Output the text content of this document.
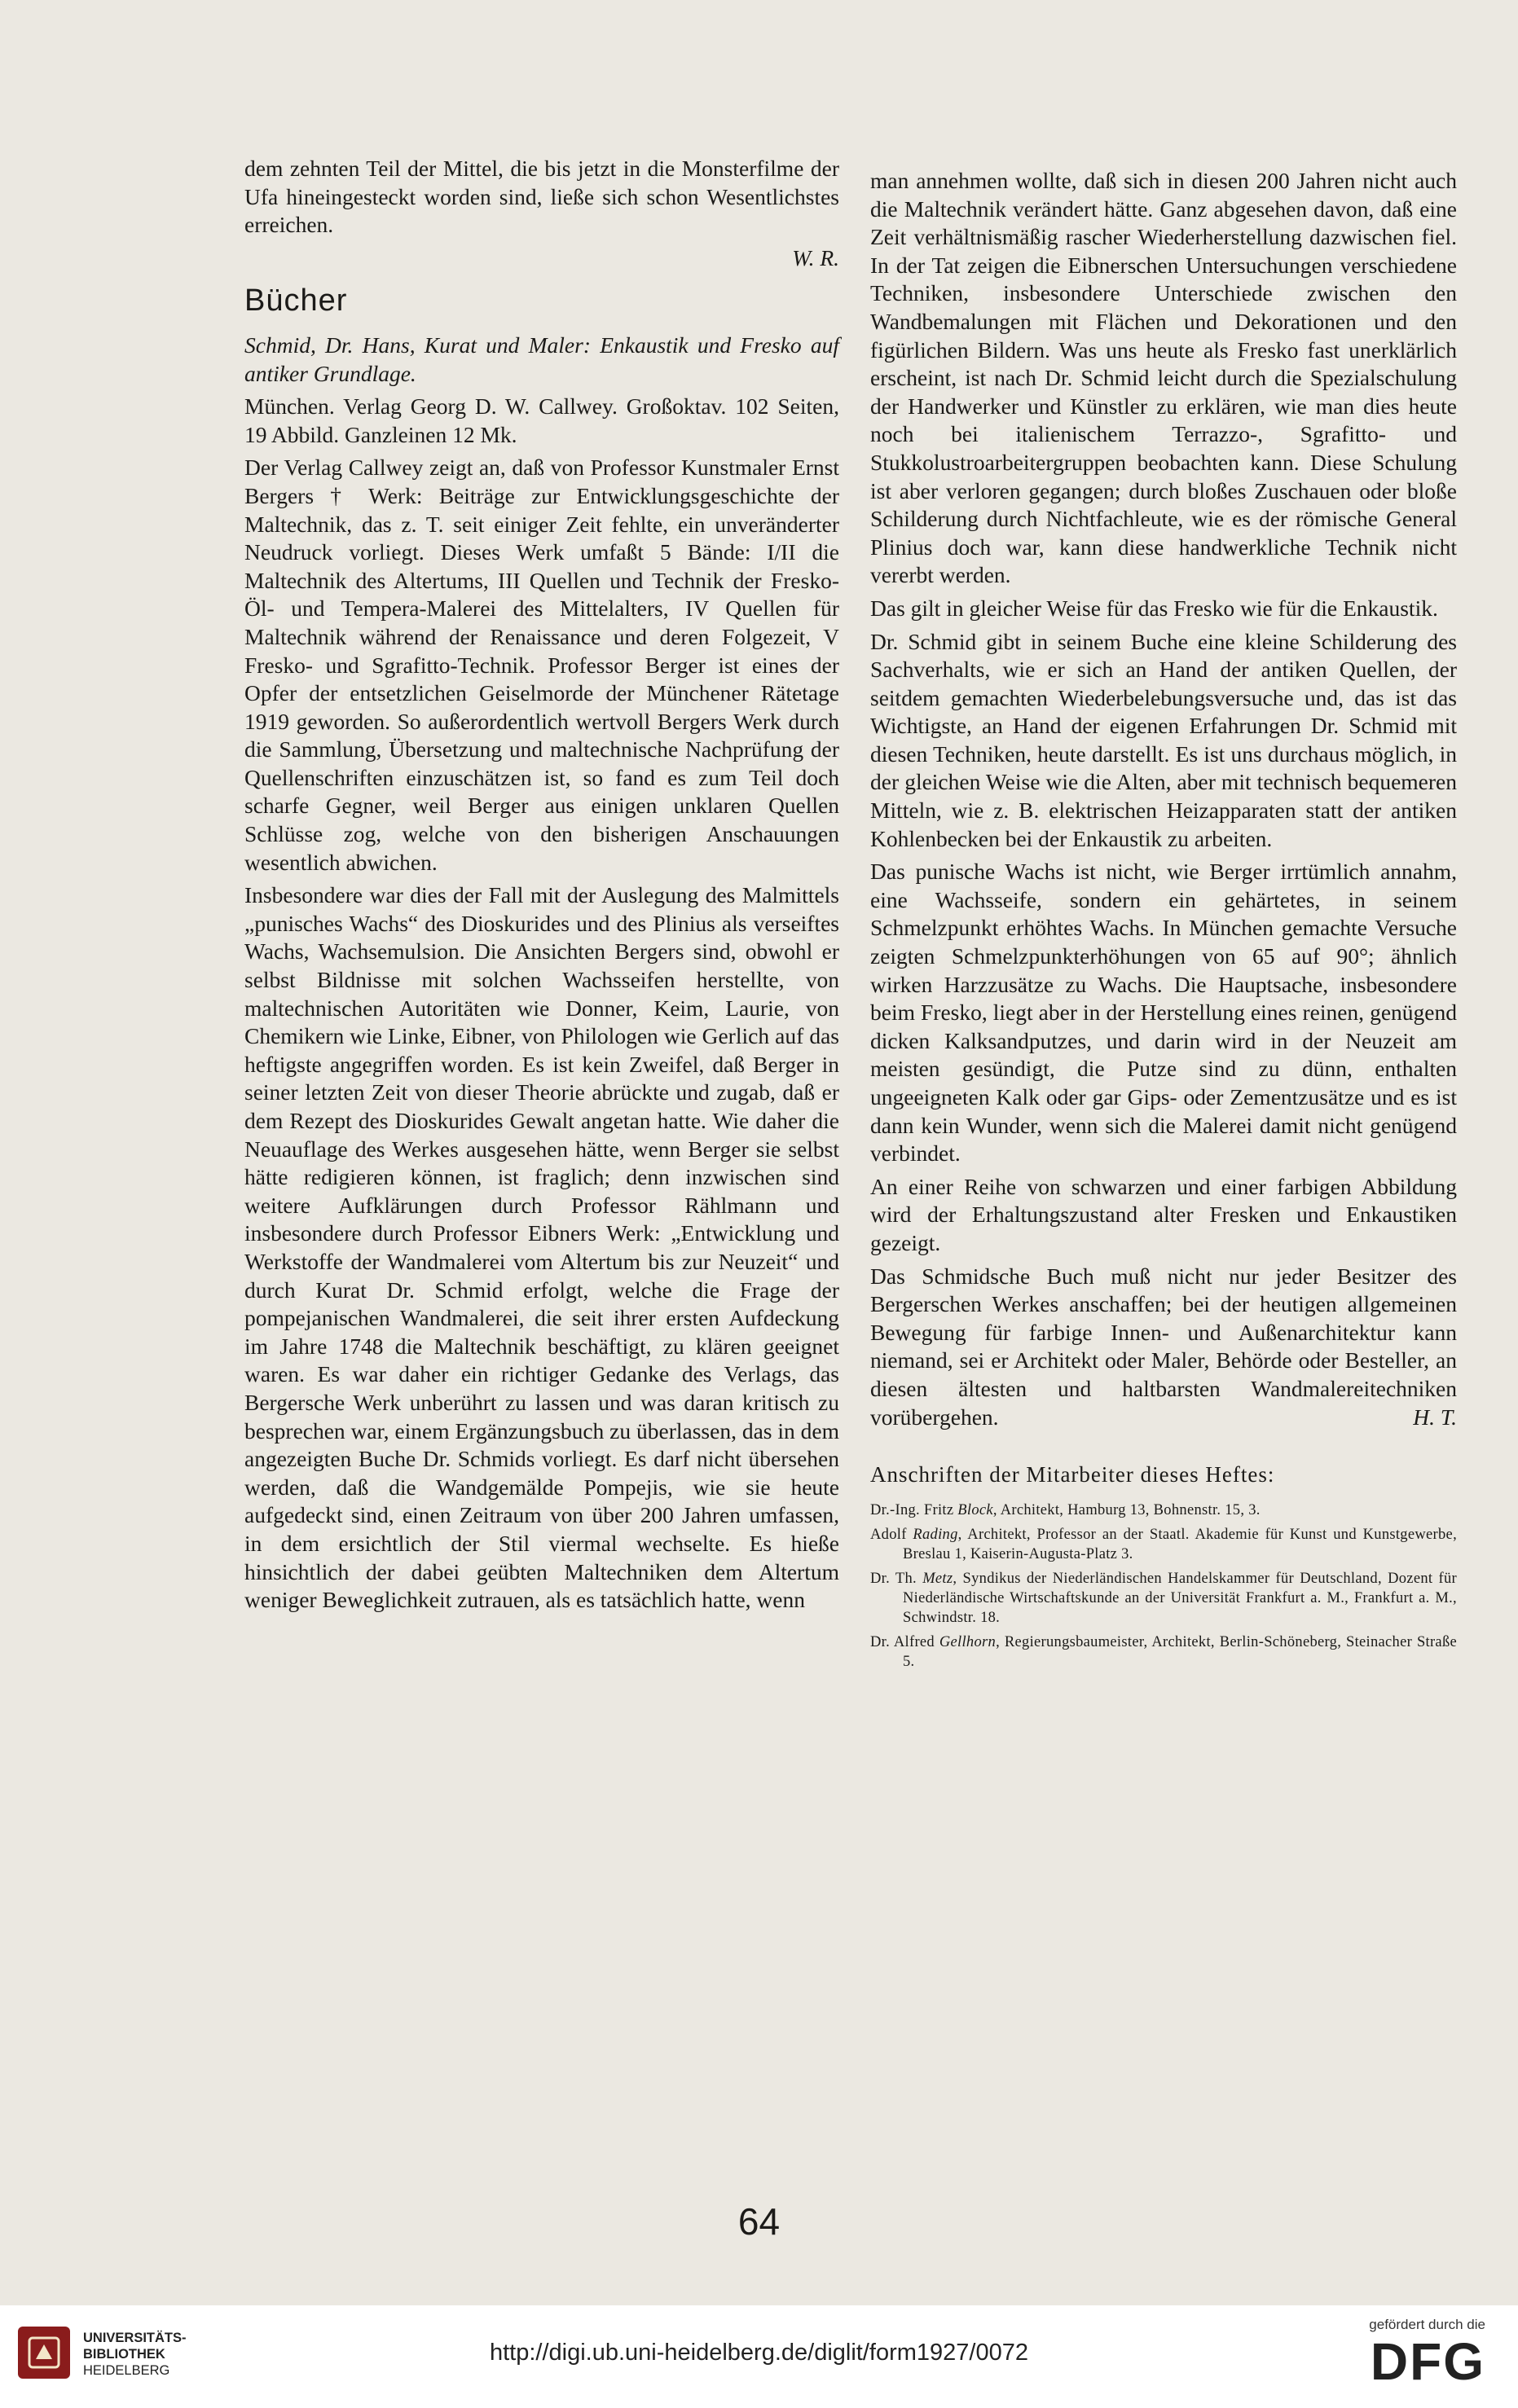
dem zehnten Teil der Mittel, die bis jetzt in die Monsterfilme der Ufa hineingesteckt worden sind, ließe sich schon Wesentlichstes erreichen.

W. R.

Bücher

Schmid, Dr. Hans, Kurat und Maler: Enkaustik und Fresko auf antiker Grundlage.

München. Verlag Georg D. W. Callwey. Großoktav. 102 Seiten, 19 Abbild. Ganzleinen 12 Mk.

Der Verlag Callwey zeigt an, daß von Professor Kunstmaler Ernst Bergers † Werk: Beiträge zur Entwicklungsgeschichte der Maltechnik, das z. T. seit einiger Zeit fehlte, ein unveränderter Neudruck vorliegt. Dieses Werk umfaßt 5 Bände: I/II die Maltechnik des Altertums, III Quellen und Technik der Fresko-Öl- und Tempera-Malerei des Mittelalters, IV Quellen für Maltechnik während der Renaissance und deren Folgezeit, V Fresko- und Sgrafitto-Technik. Professor Berger ist eines der Opfer der entsetzlichen Geiselmorde der Münchener Rätetage 1919 geworden. So außerordentlich wertvoll Bergers Werk durch die Sammlung, Übersetzung und maltechnische Nachprüfung der Quellenschriften einzuschätzen ist, so fand es zum Teil doch scharfe Gegner, weil Berger aus einigen unklaren Quellen Schlüsse zog, welche von den bisherigen Anschauungen wesentlich abwichen.

Insbesondere war dies der Fall mit der Auslegung des Malmittels „punisches Wachs“ des Dioskurides und des Plinius als verseiftes Wachs, Wachsemulsion. Die Ansichten Bergers sind, obwohl er selbst Bildnisse mit solchen Wachsseifen herstellte, von maltechnischen Autoritäten wie Donner, Keim, Laurie, von Chemikern wie Linke, Eibner, von Philologen wie Gerlich auf das heftigste angegriffen worden. Es ist kein Zweifel, daß Berger in seiner letzten Zeit von dieser Theorie abrückte und zugab, daß er dem Rezept des Dioskurides Gewalt angetan hatte. Wie daher die Neuauflage des Werkes ausgesehen hätte, wenn Berger sie selbst hätte redigieren können, ist fraglich; denn inzwischen sind weitere Aufklärungen durch Professor Rählmann und insbesondere durch Professor Eibners Werk: „Entwicklung und Werkstoffe der Wandmalerei vom Altertum bis zur Neuzeit“ und durch Kurat Dr. Schmid erfolgt, welche die Frage der pompejanischen Wandmalerei, die seit ihrer ersten Aufdeckung im Jahre 1748 die Maltechnik beschäftigt, zu klären geeignet waren. Es war daher ein richtiger Gedanke des Verlags, das Bergersche Werk unberührt zu lassen und was daran kritisch zu besprechen war, einem Ergänzungsbuch zu überlassen, das in dem angezeigten Buche Dr. Schmids vorliegt. Es darf nicht übersehen werden, daß die Wandgemälde Pompejis, wie sie heute aufgedeckt sind, einen Zeitraum von über 200 Jahren umfassen, in dem ersichtlich der Stil viermal wechselte. Es hieße hinsichtlich der dabei geübten Maltechniken dem Altertum weniger Beweglichkeit zutrauen, als es tatsächlich hatte, wenn

man annehmen wollte, daß sich in diesen 200 Jahren nicht auch die Maltechnik verändert hätte. Ganz abgesehen davon, daß eine Zeit verhältnismäßig rascher Wiederherstellung dazwischen fiel. In der Tat zeigen die Eibnerschen Untersuchungen verschiedene Techniken, insbesondere Unterschiede zwischen den Wandbemalungen mit Flächen und Dekorationen und den figürlichen Bildern. Was uns heute als Fresko fast unerklärlich erscheint, ist nach Dr. Schmid leicht durch die Spezialschulung der Handwerker und Künstler zu erklären, wie man dies heute noch bei italienischem Terrazzo-, Sgrafitto- und Stukkolustroarbeitergruppen beobachten kann. Diese Schulung ist aber verloren gegangen; durch bloßes Zuschauen oder bloße Schilderung durch Nichtfachleute, wie es der römische General Plinius doch war, kann diese handwerkliche Technik nicht vererbt werden.

Das gilt in gleicher Weise für das Fresko wie für die Enkaustik.

Dr. Schmid gibt in seinem Buche eine kleine Schilderung des Sachverhalts, wie er sich an Hand der antiken Quellen, der seitdem gemachten Wiederbelebungsversuche und, das ist das Wichtigste, an Hand der eigenen Erfahrungen Dr. Schmid mit diesen Techniken, heute darstellt. Es ist uns durchaus möglich, in der gleichen Weise wie die Alten, aber mit technisch bequemeren Mitteln, wie z. B. elektrischen Heizapparaten statt der antiken Kohlenbecken bei der Enkaustik zu arbeiten.

Das punische Wachs ist nicht, wie Berger irrtümlich annahm, eine Wachsseife, sondern ein gehärtetes, in seinem Schmelzpunkt erhöhtes Wachs. In München gemachte Versuche zeigten Schmelzpunkterhöhungen von 65 auf 90°; ähnlich wirken Harzzusätze zu Wachs. Die Hauptsache, insbesondere beim Fresko, liegt aber in der Herstellung eines reinen, genügend dicken Kalksandputzes, und darin wird in der Neuzeit am meisten gesündigt, die Putze sind zu dünn, enthalten ungeeigneten Kalk oder gar Gips- oder Zementzusätze und es ist dann kein Wunder, wenn sich die Malerei damit nicht genügend verbindet.

An einer Reihe von schwarzen und einer farbigen Abbildung wird der Erhaltungszustand alter Fresken und Enkaustiken gezeigt.

Das Schmidsche Buch muß nicht nur jeder Besitzer des Bergerschen Werkes anschaffen; bei der heutigen allgemeinen Bewegung für farbige Innen- und Außenarchitektur kann niemand, sei er Architekt oder Maler, Behörde oder Besteller, an diesen ältesten und haltbarsten Wandmalereitechniken vorübergehen.	H. T.

Anschriften der Mitarbeiter dieses Heftes:

Dr.-Ing. Fritz Block, Architekt, Hamburg 13, Bohnenstr. 15, 3.

Adolf Rading, Architekt, Professor an der Staatl. Akademie für Kunst und Kunstgewerbe, Breslau 1, Kaiserin-Augusta-Platz 3.

Dr. Th. Metz, Syndikus der Niederländischen Handelskammer für Deutschland, Dozent für Niederländische Wirtschaftskunde an der Universität Frankfurt a. M., Frankfurt a. M., Schwindstr. 18.

Dr. Alfred Gellhorn, Regierungsbaumeister, Architekt, Berlin-Schöneberg, Steinacher Straße 5.

64
UNIVERSITÄTS-
BIBLIOTHEK
HEIDELBERG
http://digi.ub.uni-heidelberg.de/diglit/form1927/0072
gefördert durch die
DFG
